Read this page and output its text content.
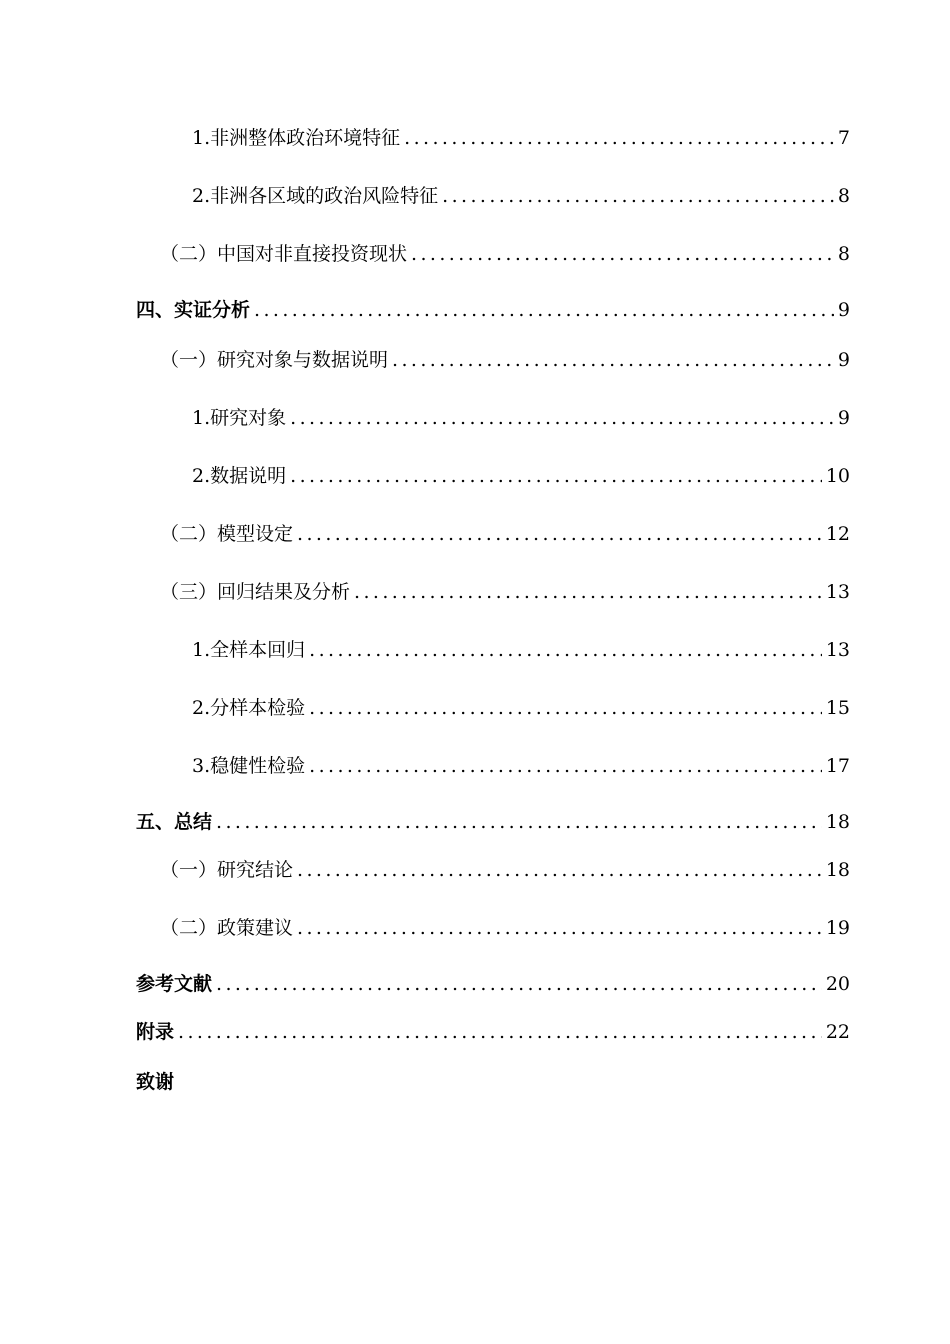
1.非洲整体政治环境特征 .....	7
2.非洲各区域的政治风险特征 .....	8
（二）中国对非直接投资现状 .....	8
四、实证分析 .....	9
（一）研究对象与数据说明 .....	9
1.研究对象 .....	9
2.数据说明 .....	10
（二）模型设定 .....	12
（三）回归结果及分析 .....	13
1.全样本回归 .....	13
2.分样本检验 .....	15
3.稳健性检验 .....	17
五、总结 .....	18
（一）研究结论 .....	18
（二）政策建议 .....	19
参考文献 .....	20
附录 .....	22
致谢
